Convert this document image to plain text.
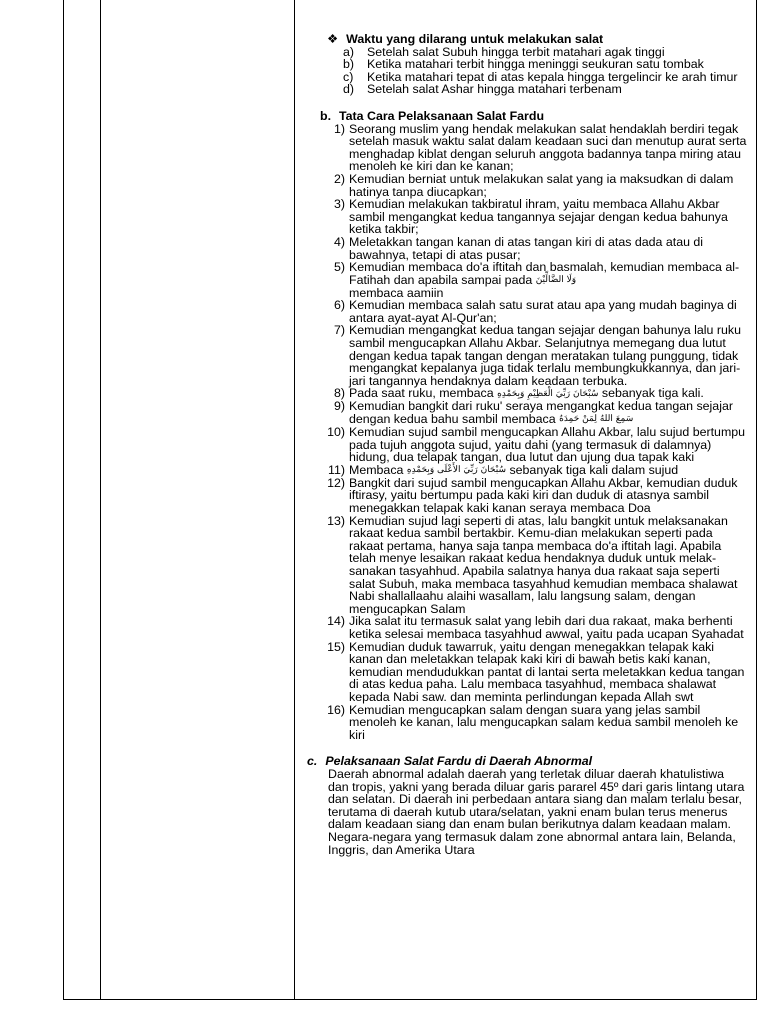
❖ Waktu yang dilarang untuk melakukan salat
a)	Setelah salat Subuh hingga terbit matahari agak tinggi
b)	Ketika matahari terbit hingga meninggi seukuran satu tombak
c)	Ketika matahari tepat di atas kepala hingga tergelincir ke arah timur
d)	Setelah salat Ashar hingga matahari terbenam
b. Tata Cara Pelaksanaan Salat Fardu
1) Seorang muslim yang hendak melakukan salat hendaklah berdiri tegak setelah masuk waktu salat dalam keadaan suci dan menutup aurat serta menghadap kiblat dengan seluruh anggota badannya tanpa miring atau menoleh ke kiri dan ke kanan;
2) Kemudian berniat untuk melakukan salat yang ia maksudkan di dalam hatinya tanpa diucapkan;
3) Kemudian melakukan takbiratul ihram, yaitu membaca Allahu Akbar sambil mengangkat kedua tangannya sejajar dengan kedua bahunya ketika takbir;
4) Meletakkan tangan kanan di atas tangan kiri di atas dada atau di bawahnya, tetapi di atas pusar;
5) Kemudian membaca do'a iftitah dan basmalah, kemudian membaca al-Fatihah dan apabila sampai pada وَلَا الضَّالِّيْنَ
membaca aamiin
6) Kemudian membaca salah satu surat atau apa yang mudah baginya di antara ayat-ayat Al-Qur'an;
7) Kemudian mengangkat kedua tangan sejajar dengan bahunya lalu ruku sambil mengucapkan Allahu Akbar. Selanjutnya memegang dua lutut dengan kedua tapak tangan dengan meratakan tulang punggung, tidak mengangkat kepalanya juga tidak terlalu membungkukkannya, dan jari-jari tangannya hendaknya dalam keadaan terbuka.
8) Pada saat ruku, membaca سُبْحَانَ رَبِّيَ الْعَظِيْمِ وَبِحَمْدِهِ sebanyak tiga kali.
9) Kemudian bangkit dari ruku' seraya mengangkat kedua tangan sejajar dengan kedua bahu sambil membaca سَمِعَ اللهُ لِمَنْ حَمِدَهُ
10) Kemudian sujud sambil mengucapkan Allahu Akbar, lalu sujud bertumpu pada tujuh anggota sujud, yaitu dahi (yang termasuk di dalamnya) hidung, dua telapak tangan, dua lutut dan ujung dua tapak kaki
11) Membaca سُبْحَانَ رَبِّيَ الأَعْلَى وَبِحَمْدِهِ sebanyak tiga kali dalam sujud
12) Bangkit dari sujud sambil mengucapkan Allahu Akbar, kemudian duduk iftirasy, yaitu bertumpu pada kaki kiri dan duduk di atasnya sambil menegakkan telapak kaki kanan seraya membaca Doa
13) Kemudian sujud lagi seperti di atas, lalu bangkit untuk melaksanakan rakaat kedua sambil bertakbir. Kemu-dian melakukan seperti pada rakaat pertama, hanya saja tanpa membaca do'a iftitah lagi. Apabila telah menye lesaikan rakaat kedua hendaknya duduk untuk melak-sanakan tasyahhud. Apabila salatnya hanya dua rakaat saja seperti salat Subuh, maka membaca tasyahhud kemudian membaca shalawat Nabi shallallaahu alaihi wasallam, lalu langsung salam, dengan mengucapkan Salam
14) Jika salat itu termasuk salat yang lebih dari dua rakaat, maka berhenti ketika selesai membaca tasyahhud awwal, yaitu pada ucapan Syahadat
15) Kemudian duduk tawarruk, yaitu dengan menegakkan telapak kaki kanan dan meletakkan telapak kaki kiri di bawah betis kaki kanan, kemudian mendudukkan pantat di lantai serta meletakkan kedua tangan di atas kedua paha. Lalu membaca tasyahhud, membaca shalawat kepada Nabi saw. dan meminta perlindungan kepada Allah swt
16) Kemudian mengucapkan salam dengan suara yang jelas sambil menoleh ke kanan, lalu mengucapkan salam kedua sambil menoleh ke kiri
c. Pelaksanaan Salat Fardu di Daerah Abnormal
Daerah abnormal adalah daerah yang terletak diluar daerah khatulistiwa dan tropis, yakni yang berada diluar garis pararel 45º dari garis lintang utara dan selatan. Di daerah ini perbedaan antara siang dan malam terlalu besar, terutama di daerah kutub utara/selatan, yakni enam bulan terus menerus dalam keadaan siang dan enam bulan berikutnya dalam keadaan malam. Negara-negara yang termasuk dalam zone abnormal antara lain, Belanda, Inggris, dan Amerika Utara
